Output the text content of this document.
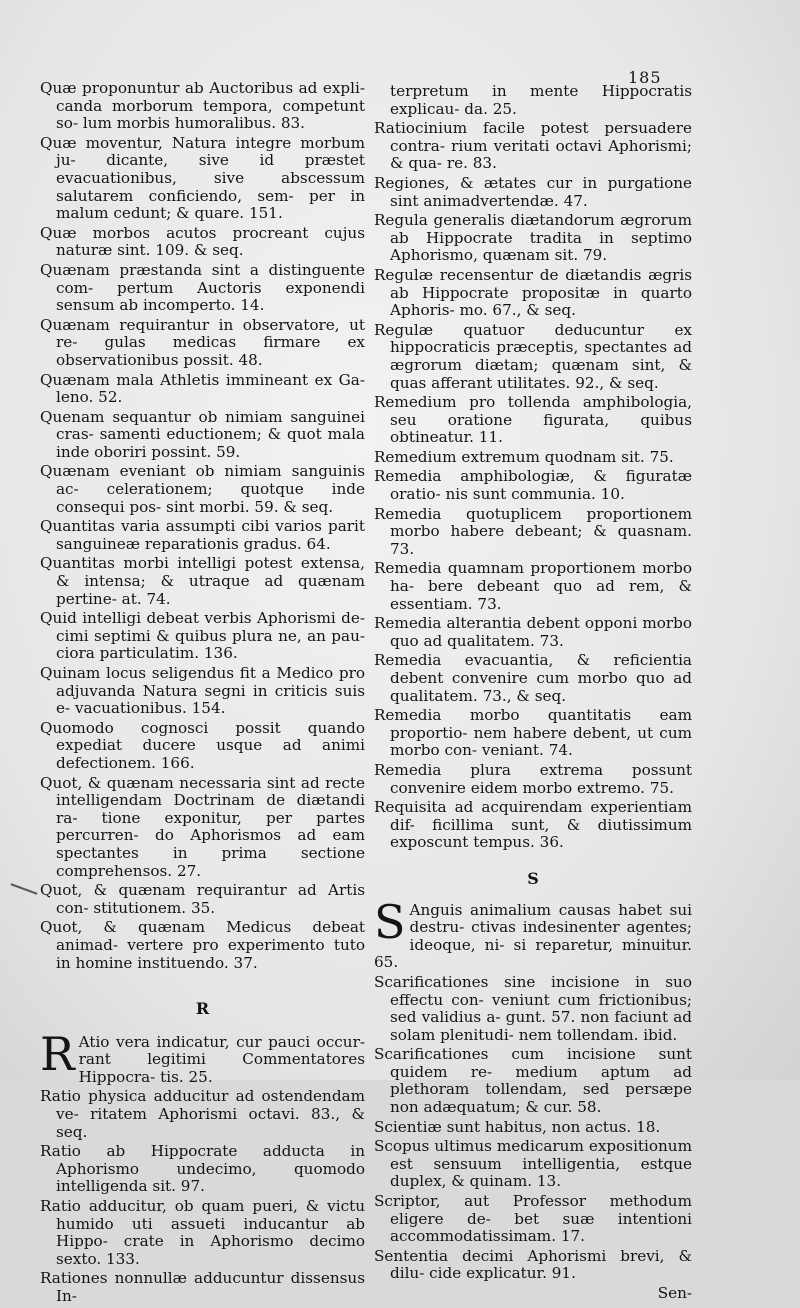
185

Quæ proponuntur ab Auctoribus ad expli- canda morborum tempora, competunt so- lum morbis humoralibus. 83.

Quæ moventur, Natura integre morbum ju- dicante, sive id præstet evacuationibus, sive abscessum salutarem conficiendo, sem- per in malum cedunt; & quare. 151.

Quæ morbos acutos procreant cujus naturæ sint. 109. & seq.

Quænam præstanda sint a distinguente com- pertum Auctoris exponendi sensum ab incomperto. 14.

Quænam requirantur in observatore, ut re- gulas medicas firmare ex observationibus possit. 48.

Quænam mala Athletis immineant ex Ga- leno. 52.

Quenam sequantur ob nimiam sanguinei cras- samenti eductionem; & quot mala inde oboriri possint. 59.

Quænam eveniant ob nimiam sanguinis ac- celerationem; quotque inde consequi pos- sint morbi. 59. & seq.

Quantitas varia assumpti cibi varios parit sanguineæ reparationis gradus. 64.

Quantitas morbi intelligi potest extensa, & intensa; & utraque ad quænam pertine- at. 74.

Quid intelligi debeat verbis Aphorismi de- cimi septimi & quibus plura ne, an pau- ciora particulatim. 136.

Quinam locus seligendus fit a Medico pro adjuvanda Natura segni in criticis suis e- vacuationibus. 154.

Quomodo cognosci possit quando expediat ducere usque ad animi defectionem. 166.

Quot, & quænam necessaria sint ad recte intelligendam Doctrinam de diætandi ra- tione exponitur, per partes percurren- do Aphorismos ad eam spectantes in prima sectione comprehensos. 27.

Quot, & quænam requirantur ad Artis con- stitutionem. 35.

Quot, & quænam Medicus debeat animad- vertere pro experimento tuto in homine instituendo. 37.

R

R Atio vera indicatur, cur pauci occur- rant legitimi Commentatores Hippocra- tis. 25.

Ratio physica adducitur ad ostendendam ve- ritatem Aphorismi octavi. 83., & seq.

Ratio ab Hippocrate adducta in Aphorismo undecimo, quomodo intelligenda sit. 97.

Ratio adducitur, ob quam pueri, & victu humido uti assueti inducantur ab Hippo- crate in Aphorismo decimo sexto. 133.

Rationes nonnullæ adducuntur dissensus In-

terpretum in mente Hippocratis explicau- da. 25.

Ratiocinium facile potest persuadere contra- rium veritati octavi Aphorismi; & qua- re. 83.

Regiones, & ætates cur in purgatione sint animadvertendæ. 47.

Regula generalis diætandorum ægrorum ab Hippocrate tradita in septimo Aphorismo, quænam sit. 79.

Regulæ recensentur de diætandis ægris ab Hippocrate propositæ in quarto Aphoris- mo. 67., & seq.

Regulæ quatuor deducuntur ex hippocraticis præceptis, spectantes ad ægrorum diætam; quænam sint, & quas afferant utilitates. 92., & seq.

Remedium pro tollenda amphibologia, seu oratione figurata, quibus obtineatur. 11.

Remedium extremum quodnam sit. 75.

Remedia amphibologiæ, & figuratæ oratio- nis sunt communia. 10.

Remedia quotuplicem proportionem morbo habere debeant; & quasnam. 73.

Remedia quamnam proportionem morbo ha- bere debeant quo ad rem, & essentiam. 73.

Remedia alterantia debent opponi morbo quo ad qualitatem. 73.

Remedia evacuantia, & reficientia debent convenire cum morbo quo ad qualitatem. 73., & seq.

Remedia morbo quantitatis eam proportio- nem habere debent, ut cum morbo con- veniant. 74.

Remedia plura extrema possunt convenire eidem morbo extremo. 75.

Requisita ad acquirendam experientiam dif- ficillima sunt, & diutissimum exposcunt tempus. 36.

S

S Anguis animalium causas habet sui destru- ctivas indesinenter agentes; ideoque, ni- si reparetur, minuitur. 65.

Scarificationes sine incisione in suo effectu con- veniunt cum frictionibus; sed validius a- gunt. 57. non faciunt ad solam plenitudi- nem tollendam. ibid.

Scarificationes cum incisione sunt quidem re- medium aptum ad plethoram tollendam, sed persæpe non adæquatum; & cur. 58.

Scientiæ sunt habitus, non actus. 18.

Scopus ultimus medicarum expositionum est sensuum intelligentia, estque duplex, & quinam. 13.

Scriptor, aut Professor methodum eligere de- bet suæ intentioni accommodatissimam. 17.

Sententia decimi Aphorismi brevi, & dilu- cide explicatur. 91.

Sen-
